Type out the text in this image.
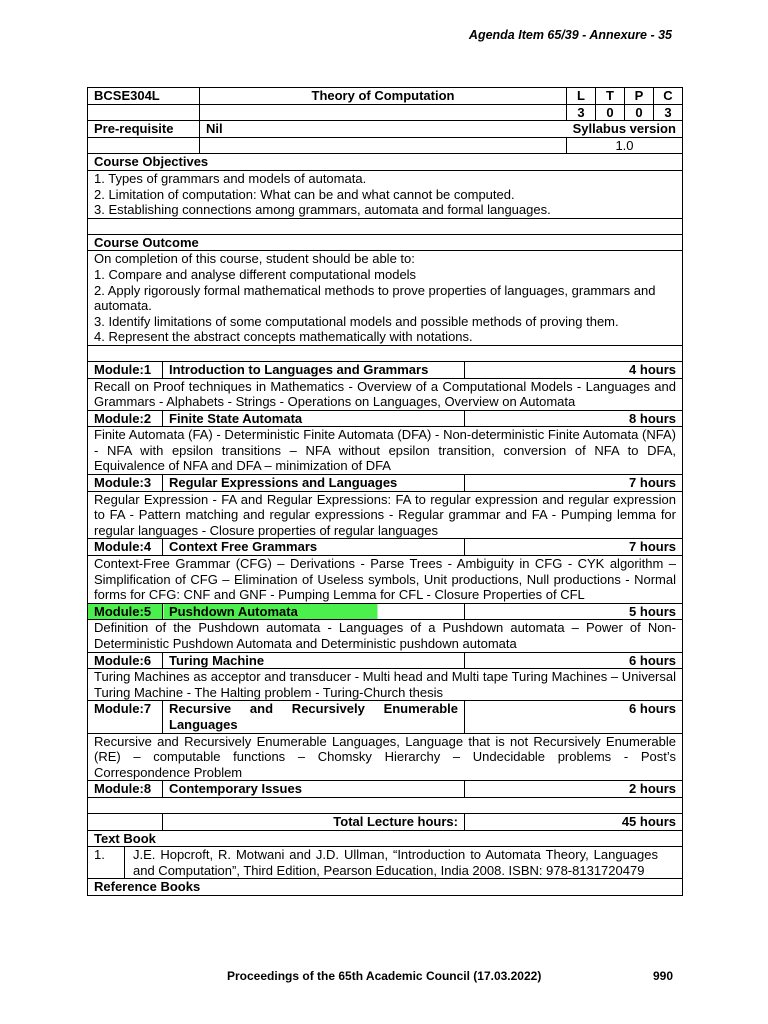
Agenda Item 65/39 - Annexure - 35
BCSE304L		Theory of Computation		L	T	P	C
				3	0	0	3
Pre-requisite		Nil		Syllabus version			
				1.0			
Course Objectives							

1. Types of grammars and models of automata.
2. Limitation of computation: What can be and what cannot be computed.
3. Establishing connections among grammars, automata and formal languages.							

Course Outcome							

On completion of this course, student should be able to:
1. Compare and analyse different computational models
2. Apply rigorously formal mathematical methods to prove properties of languages, grammars and automata.
3. Identify limitations of some computational models and possible methods of proving them.
4. Represent the abstract concepts mathematically with notations.							

Module:1	Introduction to Languages and Grammars		4 hours				
Recall on Proof techniques in Mathematics - Overview of a Computational Models - Languages and Grammars - Alphabets - Strings - Operations on Languages, Overview on Automata							
Module:2	Finite State Automata		8 hours				
Finite Automata (FA) - Deterministic Finite Automata (DFA) - Non-deterministic Finite Automata (NFA) - NFA with epsilon transitions – NFA without epsilon transition, conversion of NFA to DFA, Equivalence of NFA and DFA – minimization of DFA							
Module:3	Regular Expressions and Languages		7 hours				
Regular Expression - FA and Regular Expressions: FA to regular expression and regular expression to FA - Pattern matching and regular expressions - Regular grammar and FA - Pumping lemma for regular languages - Closure properties of regular languages							

Module:4	Context Free Grammars		7 hours				
Context-Free Grammar (CFG) – Derivations - Parse Trees - Ambiguity in CFG - CYK algorithm – Simplification of CFG – Elimination of Useless symbols, Unit productions, Null productions - Normal forms for CFG: CNF and GNF - Pumping Lemma for CFL - Closure Properties of CFL							
Module:5	Pushdown Automata		5 hours				
Definition of the Pushdown automata - Languages of a Pushdown automata – Power of Non-Deterministic Pushdown Automata and Deterministic pushdown automata							
Module:6	Turing Machine		6 hours				
Turing Machines as acceptor and transducer - Multi head and Multi tape Turing Machines – Universal Turing Machine - The Halting problem - Turing-Church thesis							
Module:7	Recursive and Recursively Enumerable Languages		6 hours				
Recursive and Recursively Enumerable Languages, Language that is not Recursively Enumerable (RE) – computable functions – Chomsky Hierarchy – Undecidable problems - Post’s Correspondence Problem							
Module:8	Contemporary Issues		2 hours				

	Total Lecture hours:		45 hours				
Text Book							

1. J.E. Hopcroft, R. Motwani and J.D. Ullman, “Introduction to Automata Theory, Languages and Computation”, Third Edition, Pearson Education, India 2008. ISBN: 978-8131720479							

Reference Books							
Proceedings of the 65th Academic Council (17.03.2022)	990
